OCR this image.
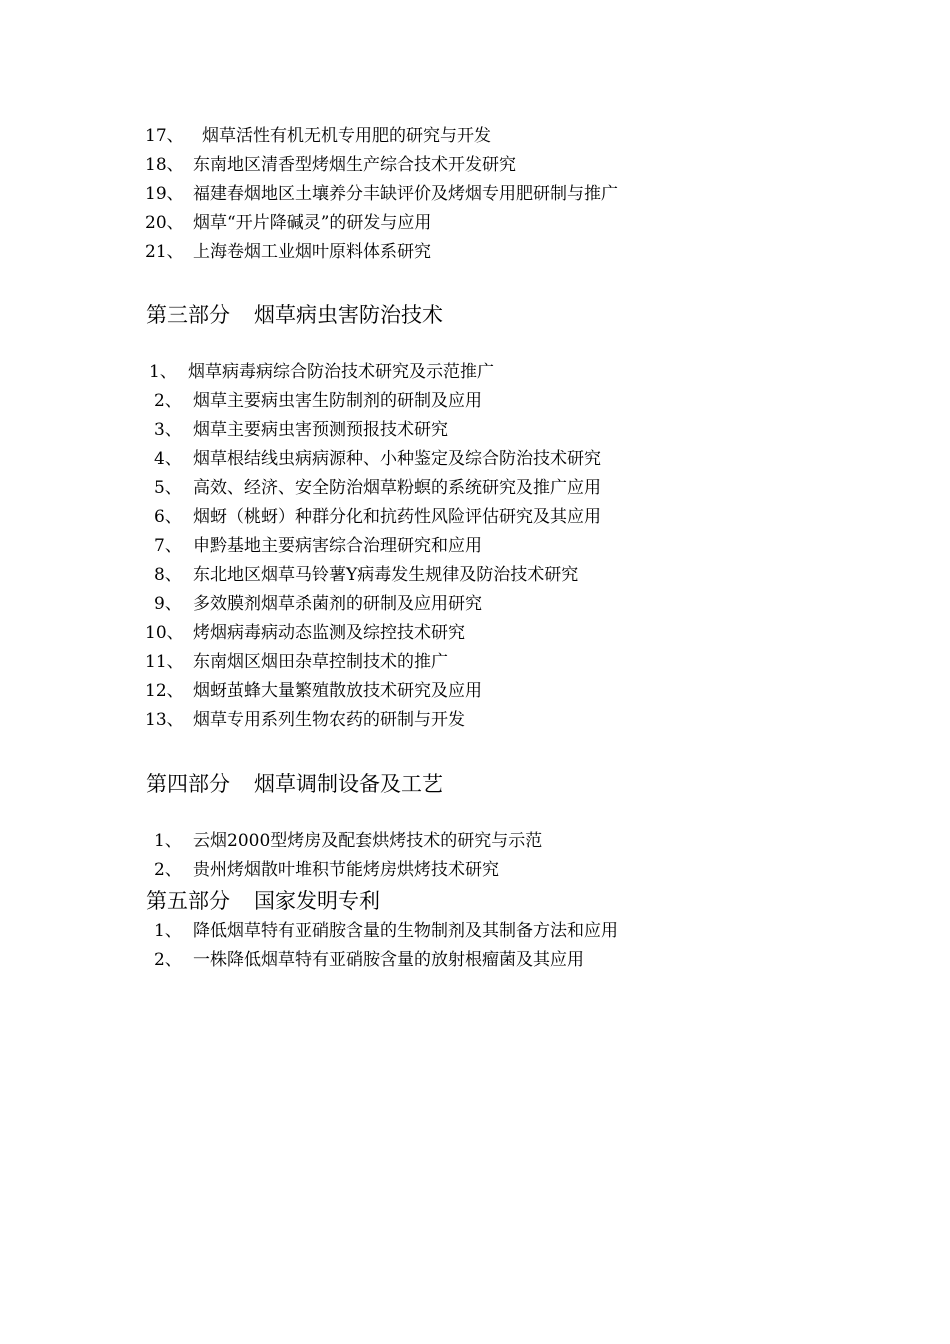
17、 烟草活性有机无机专用肥的研究与开发
18、 东南地区清香型烤烟生产综合技术开发研究
19、 福建春烟地区土壤养分丰缺评价及烤烟专用肥研制与推广
20、 烟草“开片降碱灵”的研发与应用
21、 上海卷烟工业烟叶原料体系研究
第三部分 烟草病虫害防治技术
1、 烟草病毒病综合防治技术研究及示范推广
2、 烟草主要病虫害生防制剂的研制及应用
3、 烟草主要病虫害预测预报技术研究
4、 烟草根结线虫病病源种、小种鉴定及综合防治技术研究
5、 高效、经济、安全防治烟草粉螟的系统研究及推广应用
6、 烟蚜（桃蚜）种群分化和抗药性风险评估研究及其应用
7、 申黔基地主要病害综合治理研究和应用
8、 东北地区烟草马铃薯Y病毒发生规律及防治技术研究
9、 多效膜剂烟草杀菌剂的研制及应用研究
10、 烤烟病毒病动态监测及综控技术研究
11、 东南烟区烟田杂草控制技术的推广
12、 烟蚜茧蜂大量繁殖散放技术研究及应用
13、 烟草专用系列生物农药的研制与开发
第四部分 烟草调制设备及工艺
1、 云烟2000型烤房及配套烘烤技术的研究与示范
2、 贵州烤烟散叶堆积节能烤房烘烤技术研究
第五部分 国家发明专利
1、 降低烟草特有亚硝胺含量的生物制剂及其制备方法和应用
2、 一株降低烟草特有亚硝胺含量的放射根瘤菌及其应用
